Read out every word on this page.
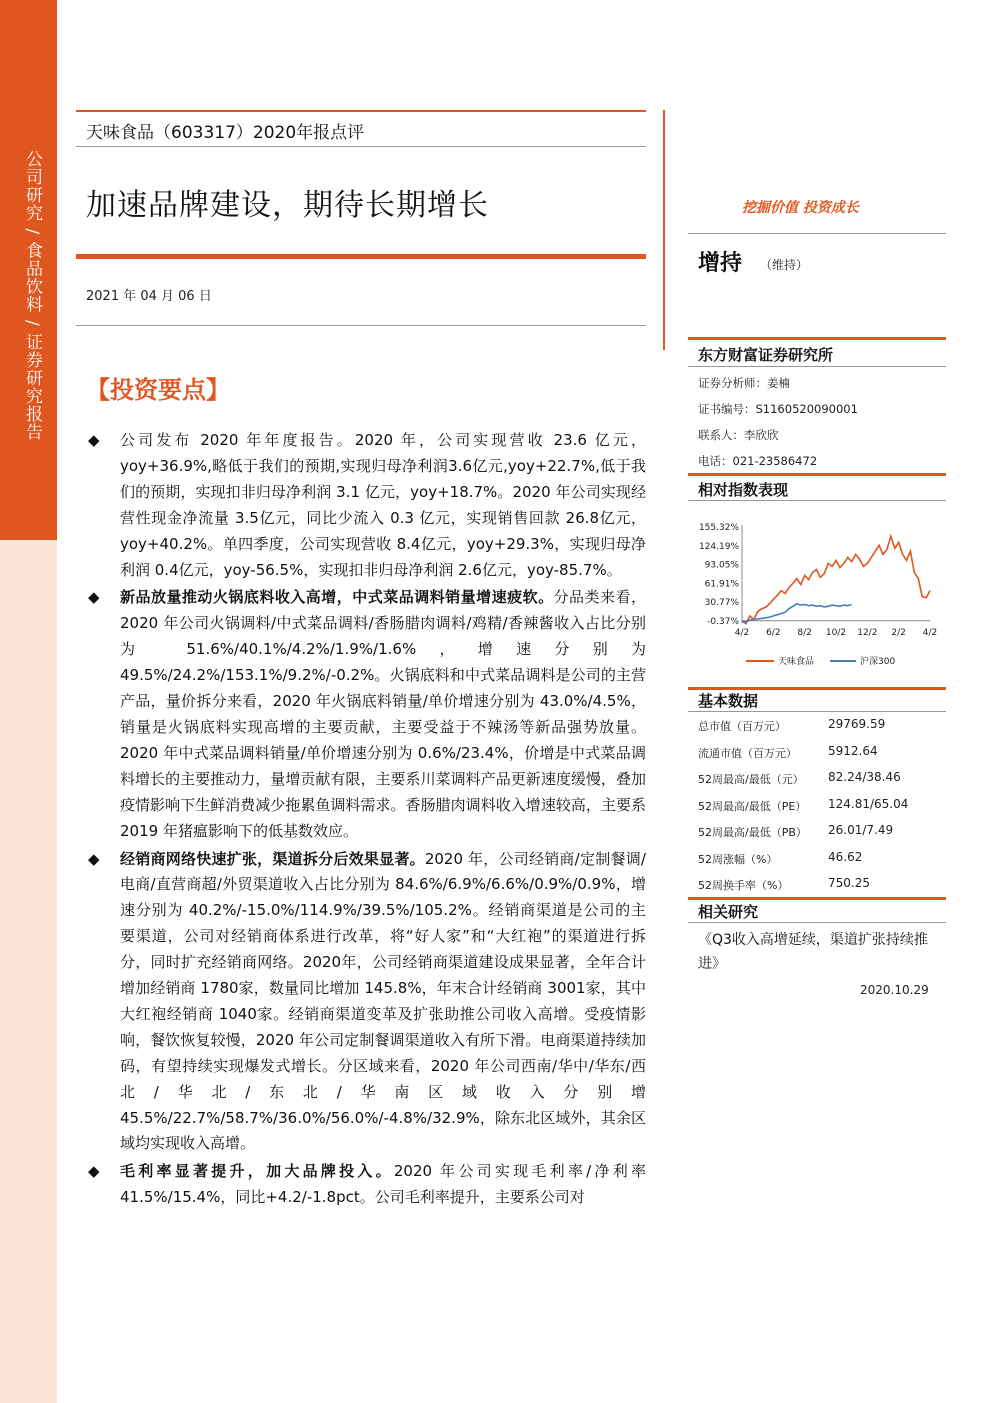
公司研究 / 食品饮料 / 证券研究报告
天味食品（603317）2020年报点评
加速品牌建设，期待长期增长
2021 年 04 月 06 日
【投资要点】
◆ 公司发布 2020 年年度报告。2020 年，公司实现营收 23.6 亿元，yoy+36.9%,略低于我们的预期,实现归母净利润3.6亿元,yoy+22.7%,低于我们的预期，实现扣非归母净利润 3.1 亿元，yoy+18.7%。2020 年公司实现经营性现金净流量 3.5亿元，同比少流入 0.3 亿元，实现销售回款 26.8亿元，yoy+40.2%。单四季度，公司实现营收 8.4亿元，yoy+29.3%，实现归母净利润 0.4亿元，yoy-56.5%，实现扣非归母净利润 2.6亿元，yoy-85.7%。
◆ 新品放量推动火锅底料收入高增，中式菜品调料销量增速疲软。分品类来看，2020 年公司火锅调料/中式菜品调料/香肠腊肉调料/鸡精/香辣酱收入占比分别为 51.6%/40.1%/4.2%/1.9%/1.6%，增速分别为 49.5%/24.2%/153.1%/9.2%/-0.2%。火锅底料和中式菜品调料是公司的主营产品，量价拆分来看，2020 年火锅底料销量/单价增速分别为 43.0%/4.5%，销量是火锅底料实现高增的主要贡献，主要受益于不辣汤等新品强势放量。2020 年中式菜品调料销量/单价增速分别为 0.6%/23.4%，价增是中式菜品调料增长的主要推动力，量增贡献有限，主要系川菜调料产品更新速度缓慢，叠加疫情影响下生鲜消费减少拖累鱼调料需求。香肠腊肉调料收入增速较高，主要系 2019 年猪瘟影响下的低基数效应。
◆ 经销商网络快速扩张，渠道拆分后效果显著。2020 年，公司经销商/定制餐调/电商/直营商超/外贸渠道收入占比分别为 84.6%/6.9%/6.6%/0.9%/0.9%，增速分别为 40.2%/-15.0%/114.9%/39.5%/105.2%。经销商渠道是公司的主要渠道，公司对经销商体系进行改革，将“好人家”和“大红袍”的渠道进行拆分，同时扩充经销商网络。2020年，公司经销商渠道建设成果显著，全年合计增加经销商 1780家，数量同比增加 145.8%，年末合计经销商 3001家，其中大红袍经销商 1040家。经销商渠道变革及扩张助推公司收入高增。受疫情影响，餐饮恢复较慢，2020 年公司定制餐调渠道收入有所下滑。电商渠道持续加码，有望持续实现爆发式增长。分区域来看，2020 年公司西南/华中/华东/西北/华北/东北/华南区域收入分别增 45.5%/22.7%/58.7%/36.0%/56.0%/-4.8%/32.9%，除东北区域外，其余区域均实现收入高增。
◆ 毛利率显著提升，加大品牌投入。2020 年公司实现毛利率/净利率 41.5%/15.4%，同比+4.2/-1.8pct。公司毛利率提升，主要系公司对
挖掘价值 投资成长
增持 （维持）
东方财富证券研究所
证券分析师：姜楠
证书编号：S1160520090001
联系人：李欣欣
电话：021-23586472
相对指数表现
155.32%
124.19%
93.05%
61.91%
30.77%
-0.37%
4/2 6/2 8/2 10/2 12/2 2/2 4/2
天味食品	沪深300
基本数据
总市值（百万元）	29769.59
流通市值（百万元）	5912.64
52周最高/最低（元） 82.24/38.46
52周最高/最低（PE） 124.81/65.04
52周最高/最低（PB） 26.01/7.49
52周涨幅（%）	46.62
52周换手率（%）	750.25
相关研究
《Q3收入高增延续，渠道扩张持续推进》
2020.10.29
